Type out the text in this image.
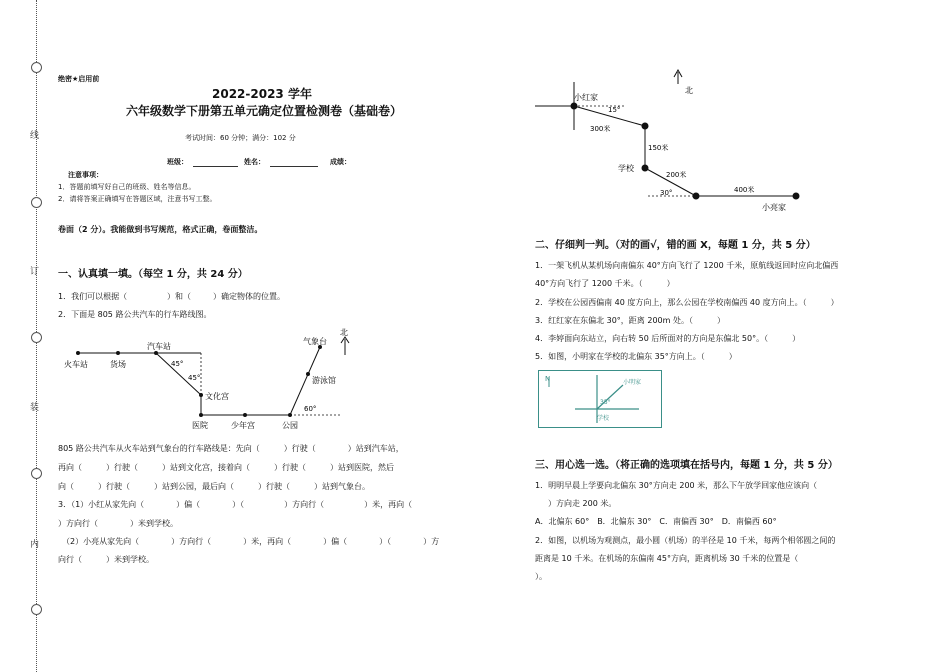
线
订
装
内
绝密★启用前
2022-2023 学年
六年级数学下册第五单元确定位置检测卷（基础卷）
考试时间：60 分钟；满分：102 分
班级：	姓名：	成绩：
注意事项：
1．答题前填写好自己的班级、姓名等信息。
2．请将答案正确填写在答题区域，注意书写工整。
卷面（2 分）。我能做到书写规范，格式正确，卷面整洁。
一、认真填一填。（每空 1 分，共 24 分）
1．我们可以根据（	）和（	）确定物体的位置。
2．下面是 805 路公共汽车的行车路线图。
火车站	货场
汽车站
文化宫
医院	少年宫	公园
游泳馆
气象台
北
45°
45°
60°
805 路公共汽车从火车站到气象台的行车路线是：先向（　　　）行驶（　　　　）站到汽车站，
再向（　　　）行驶（　　　）站到文化宫，接着向（　　　）行驶（　　　）站到医院，然后
向（　　　）行驶（　　　）站到公园，最后向（　　　）行驶（　　　）站到气象台。
3．（1）小红从家先向（　　　　）偏（　　　　）（　　　　　）方向行（　　　　　）米，再向（
）方向行（　　　　）米到学校。
（2）小亮从家先向（　　　　）方向行（　　　　）米，再向（　　　　）偏（　　　　）（　　　　）方
向行（　　　）米到学校。
小红家
15°
300米
150米
学校
200米
30°	400米
小亮家
北
二、仔细判一判。（对的画√，错的画 X，每题 1 分，共 5 分）
1．一架飞机从某机场向南偏东 40°方向飞行了 1200 千米，原航线返回时应向北偏西
40°方向飞行了 1200 千米。（　　　）
2．学校在公园西偏南 40 度方向上，那么公园在学校南偏西 40 度方向上。（　　　）
3．红红家在东偏北 30°，距离 200m 处。（　　　）
4．李婷面向东站立，向右转 50 后所面对的方向是东偏北 50°。（　　　）
5．如图，小明家在学校的北偏东 35°方向上。（　　　）
N	小明家
学校
35°
三、用心选一选。（将正确的选项填在括号内，每题 1 分，共 5 分）
1．明明早晨上学要向北偏东 30°方向走 200 米，那么下午放学回家他应该向（
）方向走 200 米。
A．北偏东 60°　B．北偏东 30°　C．南偏西 30°　D．南偏西 60°
2．如图，以机场为观测点，最小圆（机场）的半径是 10 千米，每两个相邻圆之间的
距离是 10 千米。在机场的东偏南 45°方向，距离机场 30 千米的位置是（
）。
